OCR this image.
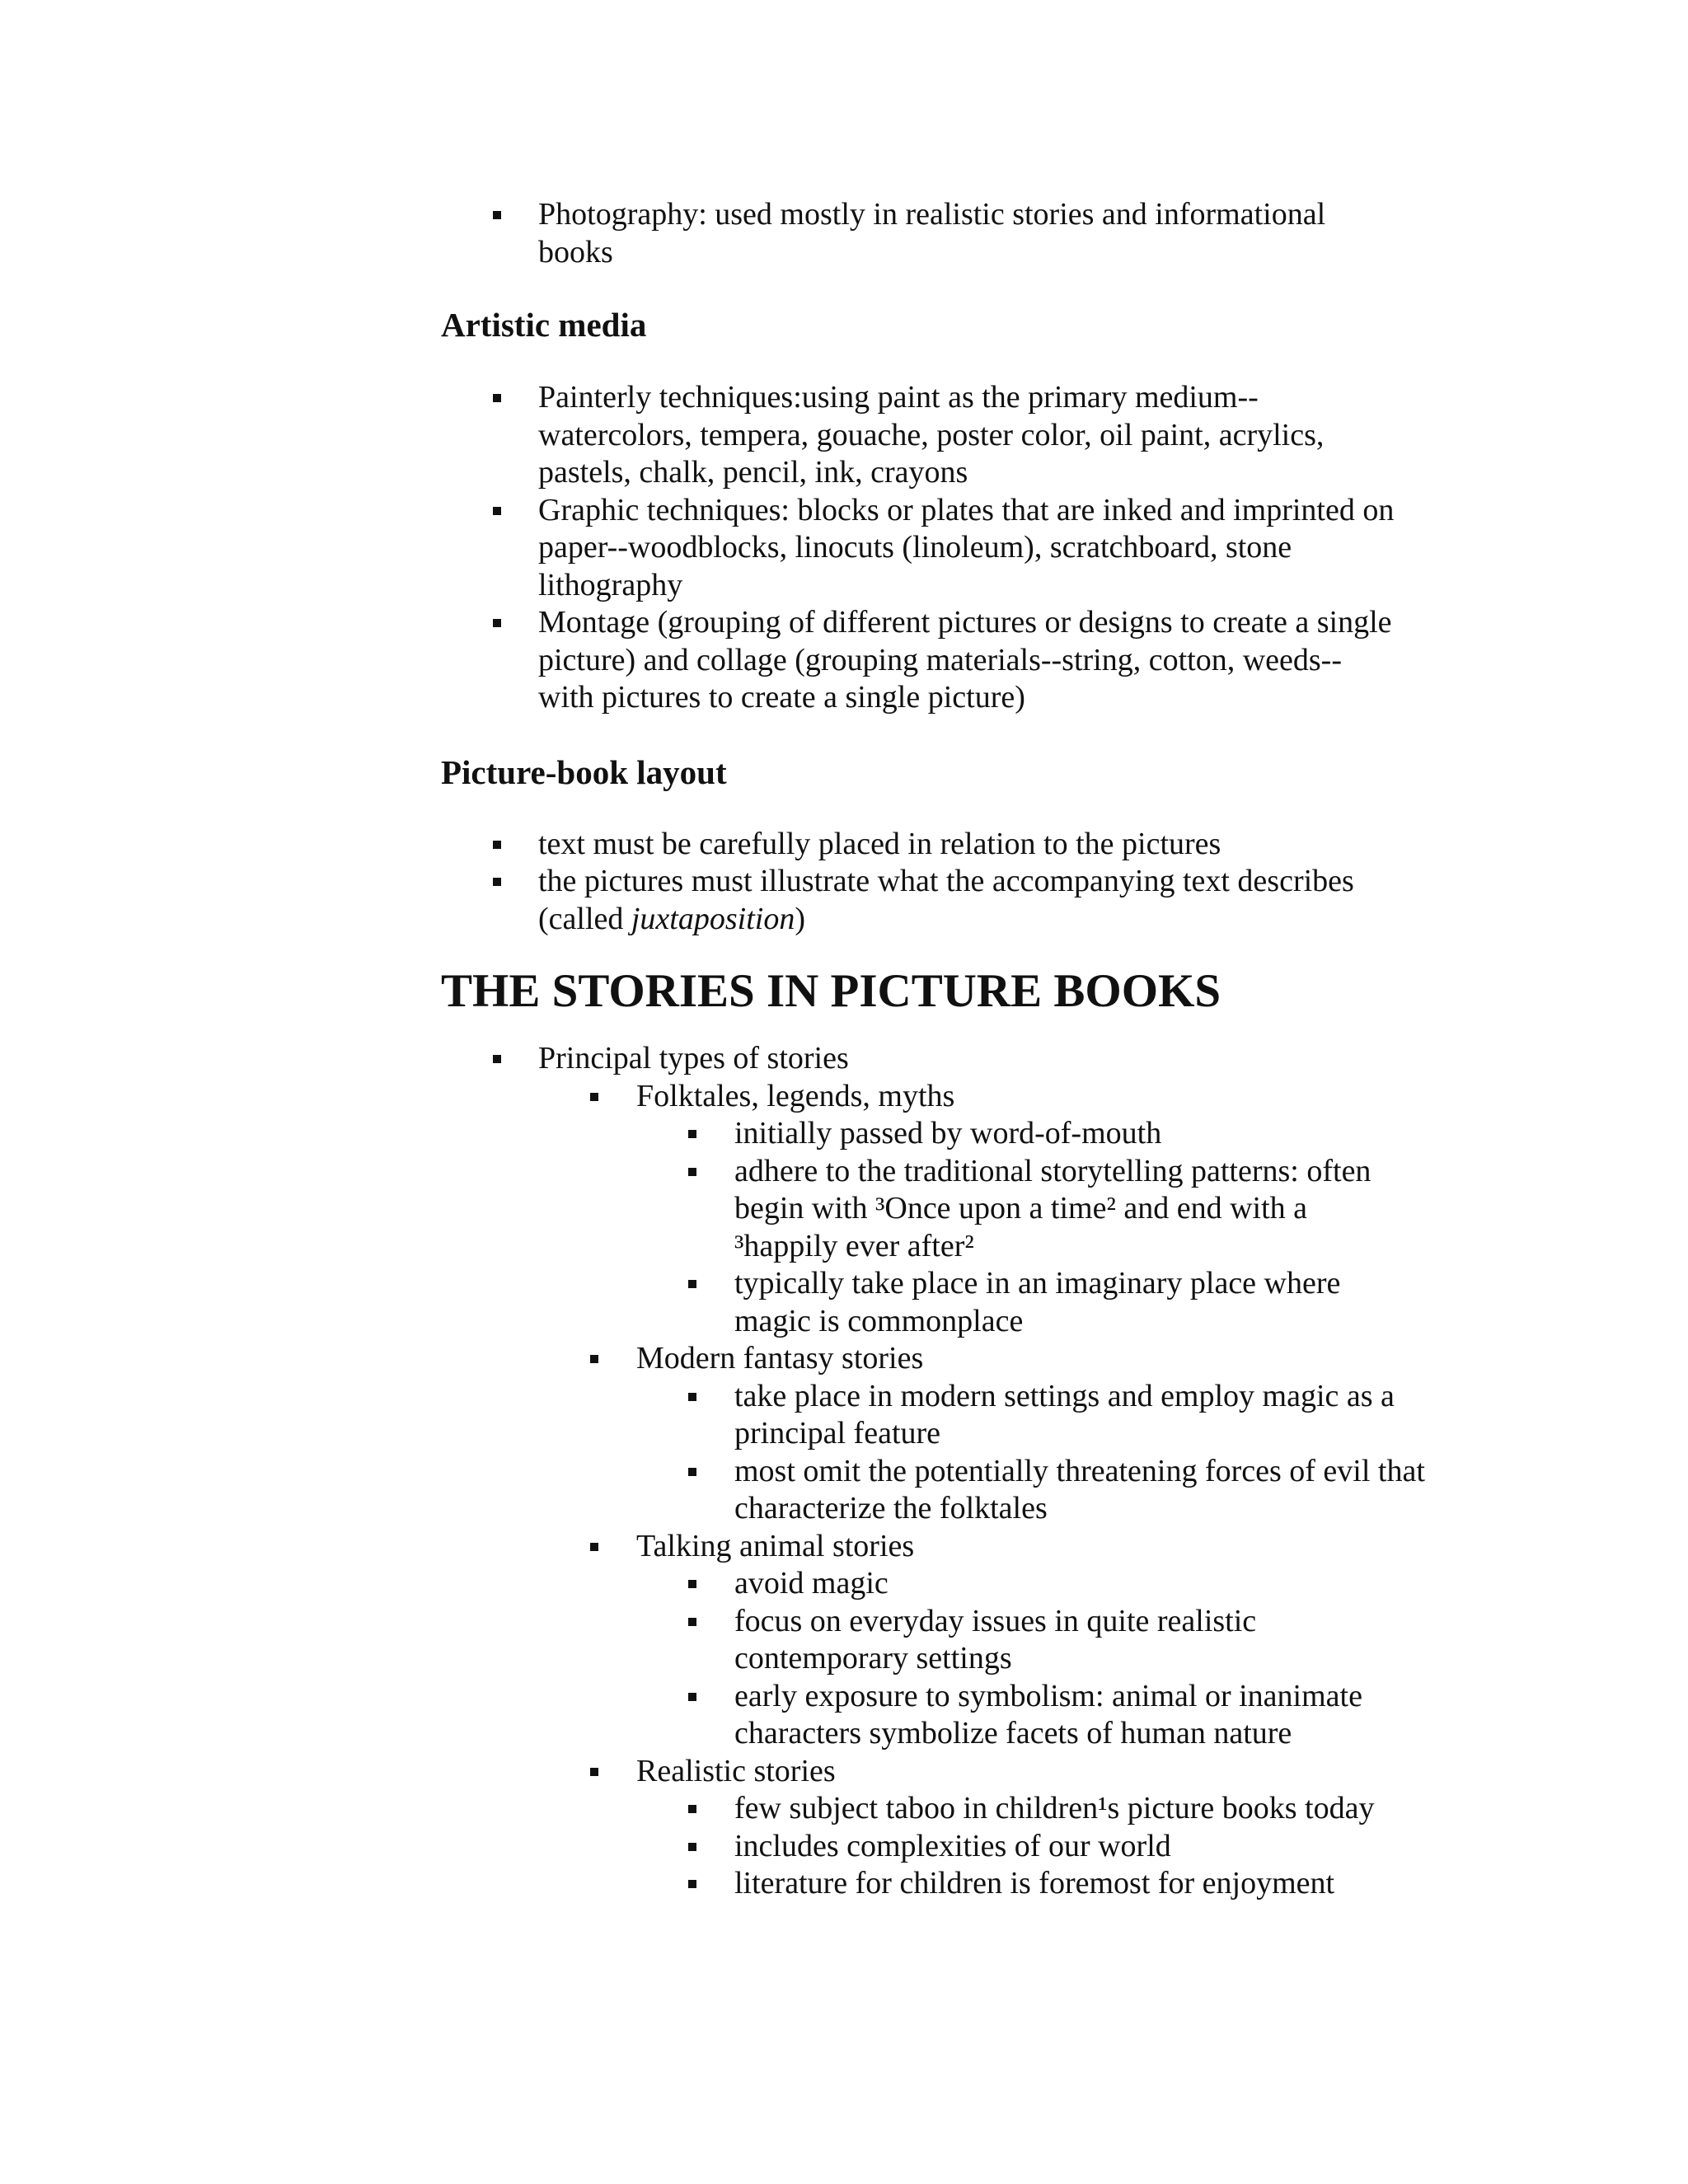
Photography: used mostly in realistic stories and informational books
Artistic media
Painterly techniques:using paint as the primary medium--watercolors, tempera, gouache, poster color, oil paint, acrylics, pastels, chalk, pencil, ink, crayons
Graphic techniques: blocks or plates that are inked and imprinted on paper--woodblocks, linocuts (linoleum), scratchboard, stone lithography
Montage (grouping of different pictures or designs to create a single picture) and collage (grouping materials--string, cotton, weeds--with pictures to create a single picture)
Picture-book layout
text must be carefully placed in relation to the pictures
the pictures must illustrate what the accompanying text describes (called juxtaposition)
THE STORIES IN PICTURE BOOKS
Principal types of stories
Folktales, legends, myths
initially passed by word-of-mouth
adhere to the traditional storytelling patterns: often begin with ³Once upon a time² and end with a ³happily ever after²
typically take place in an imaginary place where magic is commonplace
Modern fantasy stories
take place in modern settings and employ magic as a principal feature
most omit the potentially threatening forces of evil that characterize the folktales
Talking animal stories
avoid magic
focus on everyday issues in quite realistic contemporary settings
early exposure to symbolism: animal or inanimate characters symbolize facets of human nature
Realistic stories
few subject taboo in children¹s picture books today
includes complexities of our world
literature for children is foremost for enjoyment
